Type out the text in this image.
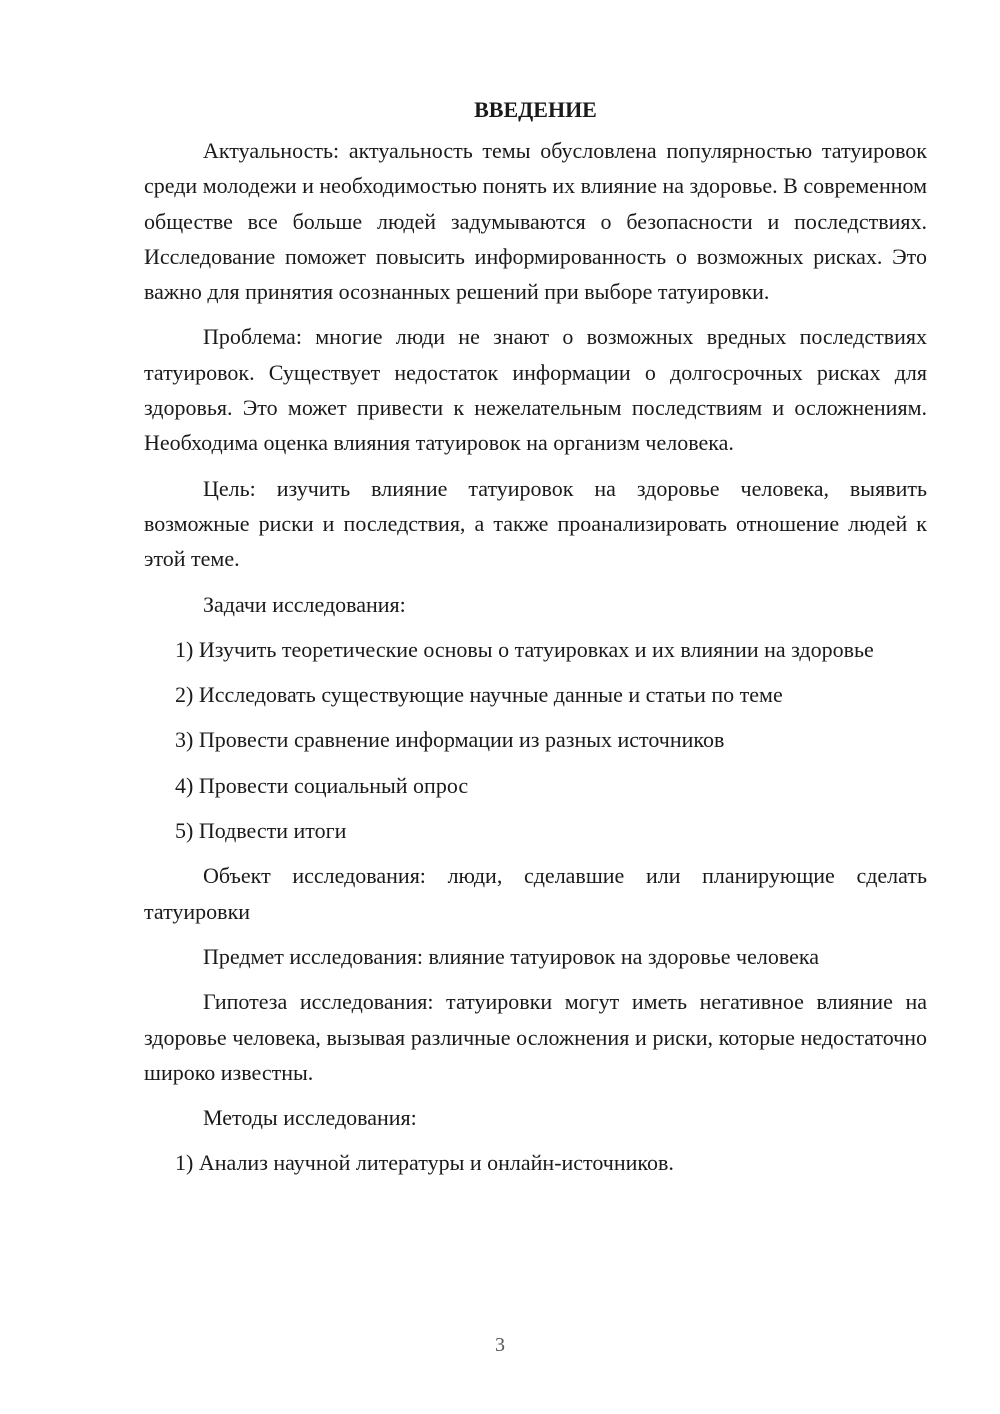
ВВЕДЕНИЕ

Актуальность: актуальность темы обусловлена популярностью татуировок среди молодежи и необходимостью понять их влияние на здоровье. В современном обществе все больше людей задумываются о безопасности и последствиях. Исследование поможет повысить информированность о возможных рисках. Это важно для принятия осознанных решений при выборе татуировки.

Проблема: многие люди не знают о возможных вредных последствиях татуировок. Существует недостаток информации о долгосрочных рисках для здоровья. Это может привести к нежелательным последствиям и осложнениям. Необходима оценка влияния татуировок на организм человека.

Цель: изучить влияние татуировок на здоровье человека, выявить возможные риски и последствия, а также проанализировать отношение людей к этой теме.

Задачи исследования:

1) Изучить теоретические основы о татуировках и их влиянии на здоровье

2) Исследовать существующие научные данные и статьи по теме

3) Провести сравнение информации из разных источников

4) Провести социальный опрос

5) Подвести итоги

Объект исследования: люди, сделавшие или планирующие сделать татуировки

Предмет исследования: влияние татуировок на здоровье человека

Гипотеза исследования: татуировки могут иметь негативное влияние на здоровье человека, вызывая различные осложнения и риски, которые недостаточно широко известны.

Методы исследования:

1) Анализ научной литературы и онлайн-источников.

3
